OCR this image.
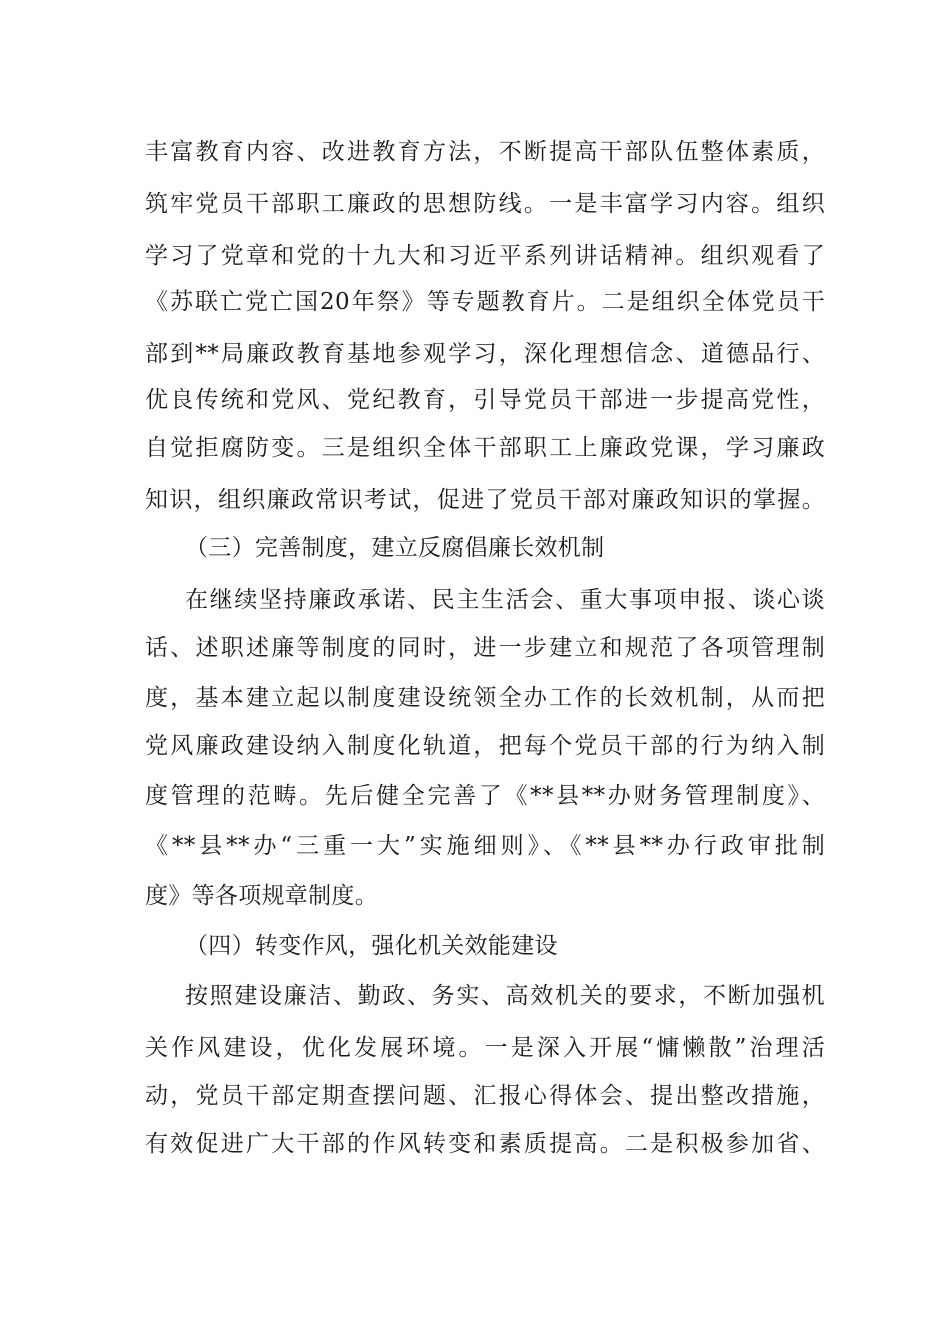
丰富教育内容、改进教育方法，不断提高干部队伍整体素质，
筑牢党员干部职工廉政的思想防线。一是丰富学习内容。组织
学习了党章和党的十九大和习近平系列讲话精神。组织观看了
《苏联亡党亡国20年祭》等专题教育片。二是组织全体党员干
部到**局廉政教育基地参观学习，深化理想信念、道德品行、
优良传统和党风、党纪教育，引导党员干部进一步提高党性，
自觉拒腐防变。三是组织全体干部职工上廉政党课，学习廉政
知识，组织廉政常识考试，促进了党员干部对廉政知识的掌握。
（三）完善制度，建立反腐倡廉长效机制
在继续坚持廉政承诺、民主生活会、重大事项申报、谈心谈
话、述职述廉等制度的同时，进一步建立和规范了各项管理制
度，基本建立起以制度建设统领全办工作的长效机制，从而把
党风廉政建设纳入制度化轨道，把每个党员干部的行为纳入制
度管理的范畴。先后健全完善了《**县**办财务管理制度》、
《**县**办“三重一大”实施细则》、《**县**办行政审批制
度》等各项规章制度。
（四）转变作风，强化机关效能建设
按照建设廉洁、勤政、务实、高效机关的要求，不断加强机
关作风建设，优化发展环境。一是深入开展“慵懒散”治理活
动，党员干部定期查摆问题、汇报心得体会、提出整改措施，
有效促进广大干部的作风转变和素质提高。二是积极参加省、
